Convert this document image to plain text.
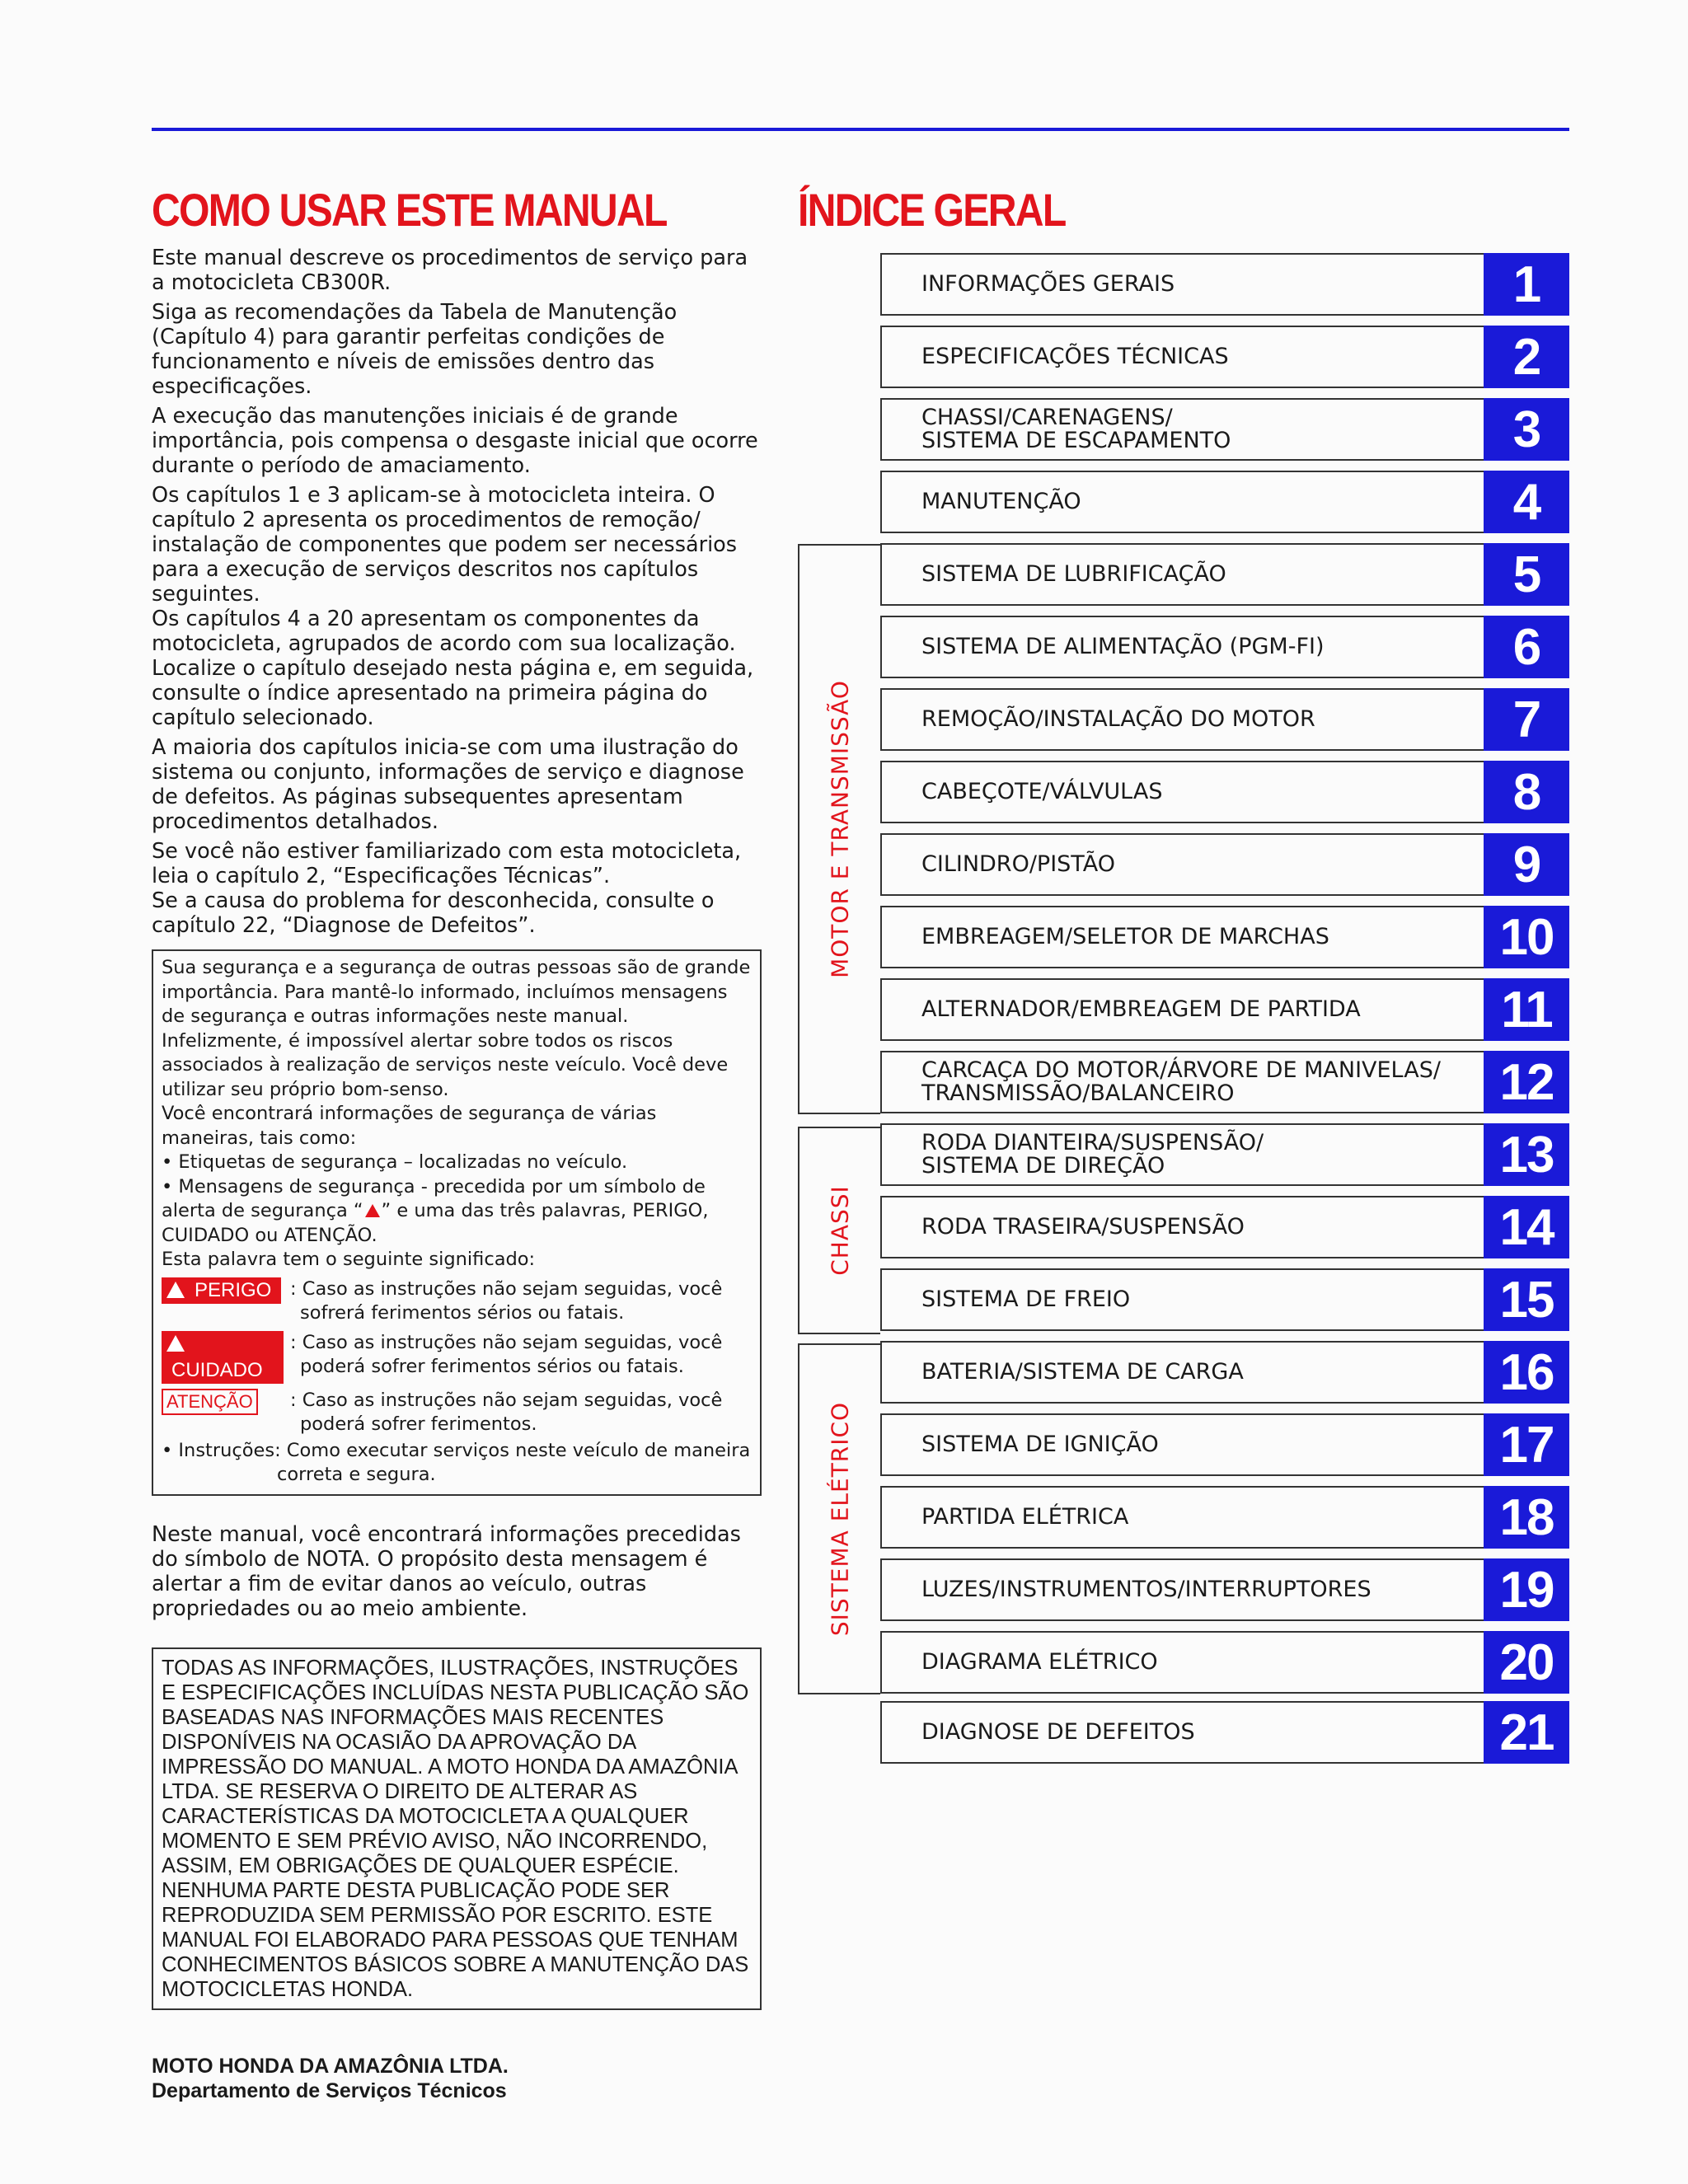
COMO USAR ESTE MANUAL	ÍNDICE GERAL

Este manual descreve os procedimentos de serviço para a motocicleta CB300R.

Siga as recomendações da Tabela de Manutenção (Capítulo 4) para garantir perfeitas condições de funcionamento e níveis de emissões dentro das especificações.

A execução das manutenções iniciais é de grande importância, pois compensa o desgaste inicial que ocorre durante o período de amaciamento.

Os capítulos 1 e 3 aplicam-se à motocicleta inteira. O capítulo 2 apresenta os procedimentos de remoção/ instalação de componentes que podem ser necessários para a execução de serviços descritos nos capítulos seguintes.

Os capítulos 4 a 20 apresentam os componentes da motocicleta, agrupados de acordo com sua localização. Localize o capítulo desejado nesta página e, em seguida, consulte o índice apresentado na primeira página do capítulo selecionado.

A maioria dos capítulos inicia-se com uma ilustração do sistema ou conjunto, informações de serviço e diagnose de defeitos. As páginas subsequentes apresentam procedimentos detalhados.

Se você não estiver familiarizado com esta motocicleta, leia o capítulo 2, “Especificações Técnicas”.

Se a causa do problema for desconhecida, consulte o capítulo 22, “Diagnose de Defeitos”.

Sua segurança e a segurança de outras pessoas são de grande importância. Para mantê-lo informado, incluímos mensagens de segurança e outras informações neste manual. Infelizmente, é impossível alertar sobre todos os riscos associados à realização de serviços neste veículo. Você deve utilizar seu próprio bom-senso.

Você encontrará informações de segurança de várias maneiras, tais como:

• Etiquetas de segurança – localizadas no veículo.

• Mensagens de segurança - precedida por um símbolo de alerta de segurança “ ” e uma das três palavras, PERIGO, CUIDADO ou ATENÇÃO.

Esta palavra tem o seguinte significado:

PERIGO	: Caso as instruções não sejam seguidas, você sofrerá ferimentos sérios ou fatais.
CUIDADO
: Caso as instruções não sejam seguidas, você poderá sofrer ferimentos sérios ou fatais.
ATENÇÃO	: Caso as instruções não sejam seguidas, você poderá sofrer ferimentos.

• Instruções: Como executar serviços neste veículo de maneira correta e segura.

Neste manual, você encontrará informações precedidas do símbolo de NOTA. O propósito desta mensagem é alertar a fim de evitar danos ao veículo, outras propriedades ou ao meio ambiente.

TODAS AS INFORMAÇÕES, ILUSTRAÇÕES, INSTRUÇÕES E ESPECIFICAÇÕES INCLUÍDAS NESTA PUBLICAÇÃO SÃO BASEADAS NAS INFORMAÇÕES MAIS RECENTES DISPONÍVEIS NA OCASIÃO DA APROVAÇÃO DA IMPRESSÃO DO MANUAL. A MOTO HONDA DA AMAZÔNIA LTDA. SE RESERVA O DIREITO DE ALTERAR AS CARACTERÍSTICAS DA MOTOCICLETA A QUALQUER MOMENTO E SEM PRÉVIO AVISO, NÃO INCORRENDO, ASSIM, EM OBRIGAÇÕES DE QUALQUER ESPÉCIE. NENHUMA PARTE DESTA PUBLICAÇÃO PODE SER REPRODUZIDA SEM PERMISSÃO POR ESCRITO. ESTE MANUAL FOI ELABORADO PARA PESSOAS QUE TENHAM CONHECIMENTOS BÁSICOS SOBRE A MANUTENÇÃO DAS MOTOCICLETAS HONDA.
MOTO HONDA DA AMAZÔNIA LTDA.
Departamento de Serviços Técnicos
MOTOR E TRANSMISSÃO
CHASSI
SISTEMA ELÉTRICO
INFORMAÇÕES GERAIS	1
ESPECIFICAÇÕES TÉCNICAS	2
CHASSI/CARENAGENS/
SISTEMA DE ESCAPAMENTO	3
MANUTENÇÃO	4
SISTEMA DE LUBRIFICAÇÃO	5
SISTEMA DE ALIMENTAÇÃO (PGM-FI)	6
REMOÇÃO/INSTALAÇÃO DO MOTOR	7
CABEÇOTE/VÁLVULAS	8
CILINDRO/PISTÃO	9
EMBREAGEM/SELETOR DE MARCHAS	10
ALTERNADOR/EMBREAGEM DE PARTIDA	11
CARCAÇA DO MOTOR/ÁRVORE DE MANIVELAS/
TRANSMISSÃO/BALANCEIRO	12
RODA DIANTEIRA/SUSPENSÃO/
SISTEMA DE DIREÇÃO	13
RODA TRASEIRA/SUSPENSÃO	14
SISTEMA DE FREIO	15
BATERIA/SISTEMA DE CARGA	16
SISTEMA DE IGNIÇÃO	17
PARTIDA ELÉTRICA	18
LUZES/INSTRUMENTOS/INTERRUPTORES	19
DIAGRAMA ELÉTRICO	20
DIAGNOSE DE DEFEITOS	21
